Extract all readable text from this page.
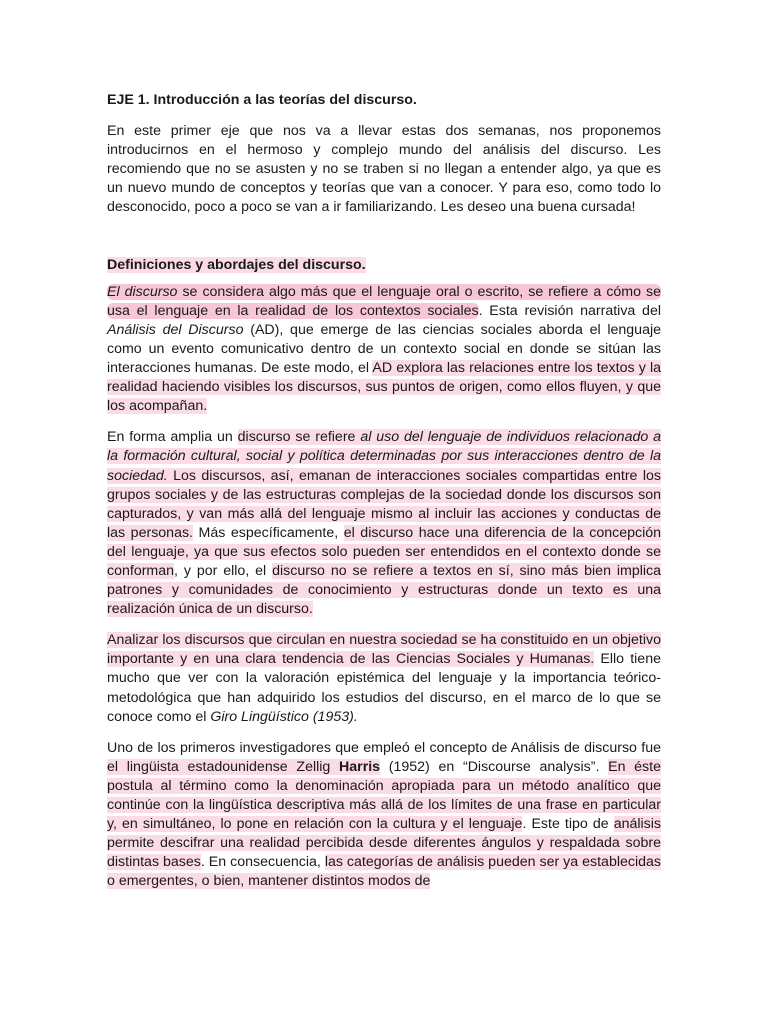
EJE 1. Introducción a las teorías del discurso.

En este primer eje que nos va a llevar estas dos semanas, nos proponemos introducirnos en el hermoso y complejo mundo del análisis del discurso. Les recomiendo que no se asusten y no se traben si no llegan a entender algo, ya que es un nuevo mundo de conceptos y teorías que van a conocer. Y para eso, como todo lo desconocido, poco a poco se van a ir familiarizando. Les deseo una buena cursada!

Definiciones y abordajes del discurso.

El discurso se considera algo más que el lenguaje oral o escrito, se refiere a cómo se usa el lenguaje en la realidad de los contextos sociales. Esta revisión narrativa del Análisis del Discurso (AD), que emerge de las ciencias sociales aborda el lenguaje como un evento comunicativo dentro de un contexto social en donde se sitúan las interacciones humanas. De este modo, el AD explora las relaciones entre los textos y la realidad haciendo visibles los discursos, sus puntos de origen, como ellos fluyen, y que los acompañan.

En forma amplia un discurso se refiere al uso del lenguaje de individuos relacionado a la formación cultural, social y política determinadas por sus interacciones dentro de la sociedad. Los discursos, así, emanan de interacciones sociales compartidas entre los grupos sociales y de las estructuras complejas de la sociedad donde los discursos son capturados, y van más allá del lenguaje mismo al incluir las acciones y conductas de las personas. Más específicamente, el discurso hace una diferencia de la concepción del lenguaje, ya que sus efectos solo pueden ser entendidos en el contexto donde se conforman, y por ello, el discurso no se refiere a textos en sí, sino más bien implica patrones y comunidades de conocimiento y estructuras donde un texto es una realización única de un discurso.

Analizar los discursos que circulan en nuestra sociedad se ha constituido en un objetivo importante y en una clara tendencia de las Ciencias Sociales y Humanas. Ello tiene mucho que ver con la valoración epistémica del lenguaje y la importancia teórico-metodológica que han adquirido los estudios del discurso, en el marco de lo que se conoce como el Giro Lingüístico (1953).

Uno de los primeros investigadores que empleó el concepto de Análisis de discurso fue el lingüista estadounidense Zellig Harris (1952) en “Discourse analysis”. En éste postula al término como la denominación apropiada para un método analítico que continúe con la lingüística descriptiva más allá de los límites de una frase en particular y, en simultáneo, lo pone en relación con la cultura y el lenguaje. Este tipo de análisis permite descifrar una realidad percibida desde diferentes ángulos y respaldada sobre distintas bases. En consecuencia, las categorías de análisis pueden ser ya establecidas o emergentes, o bien, mantener distintos modos de
